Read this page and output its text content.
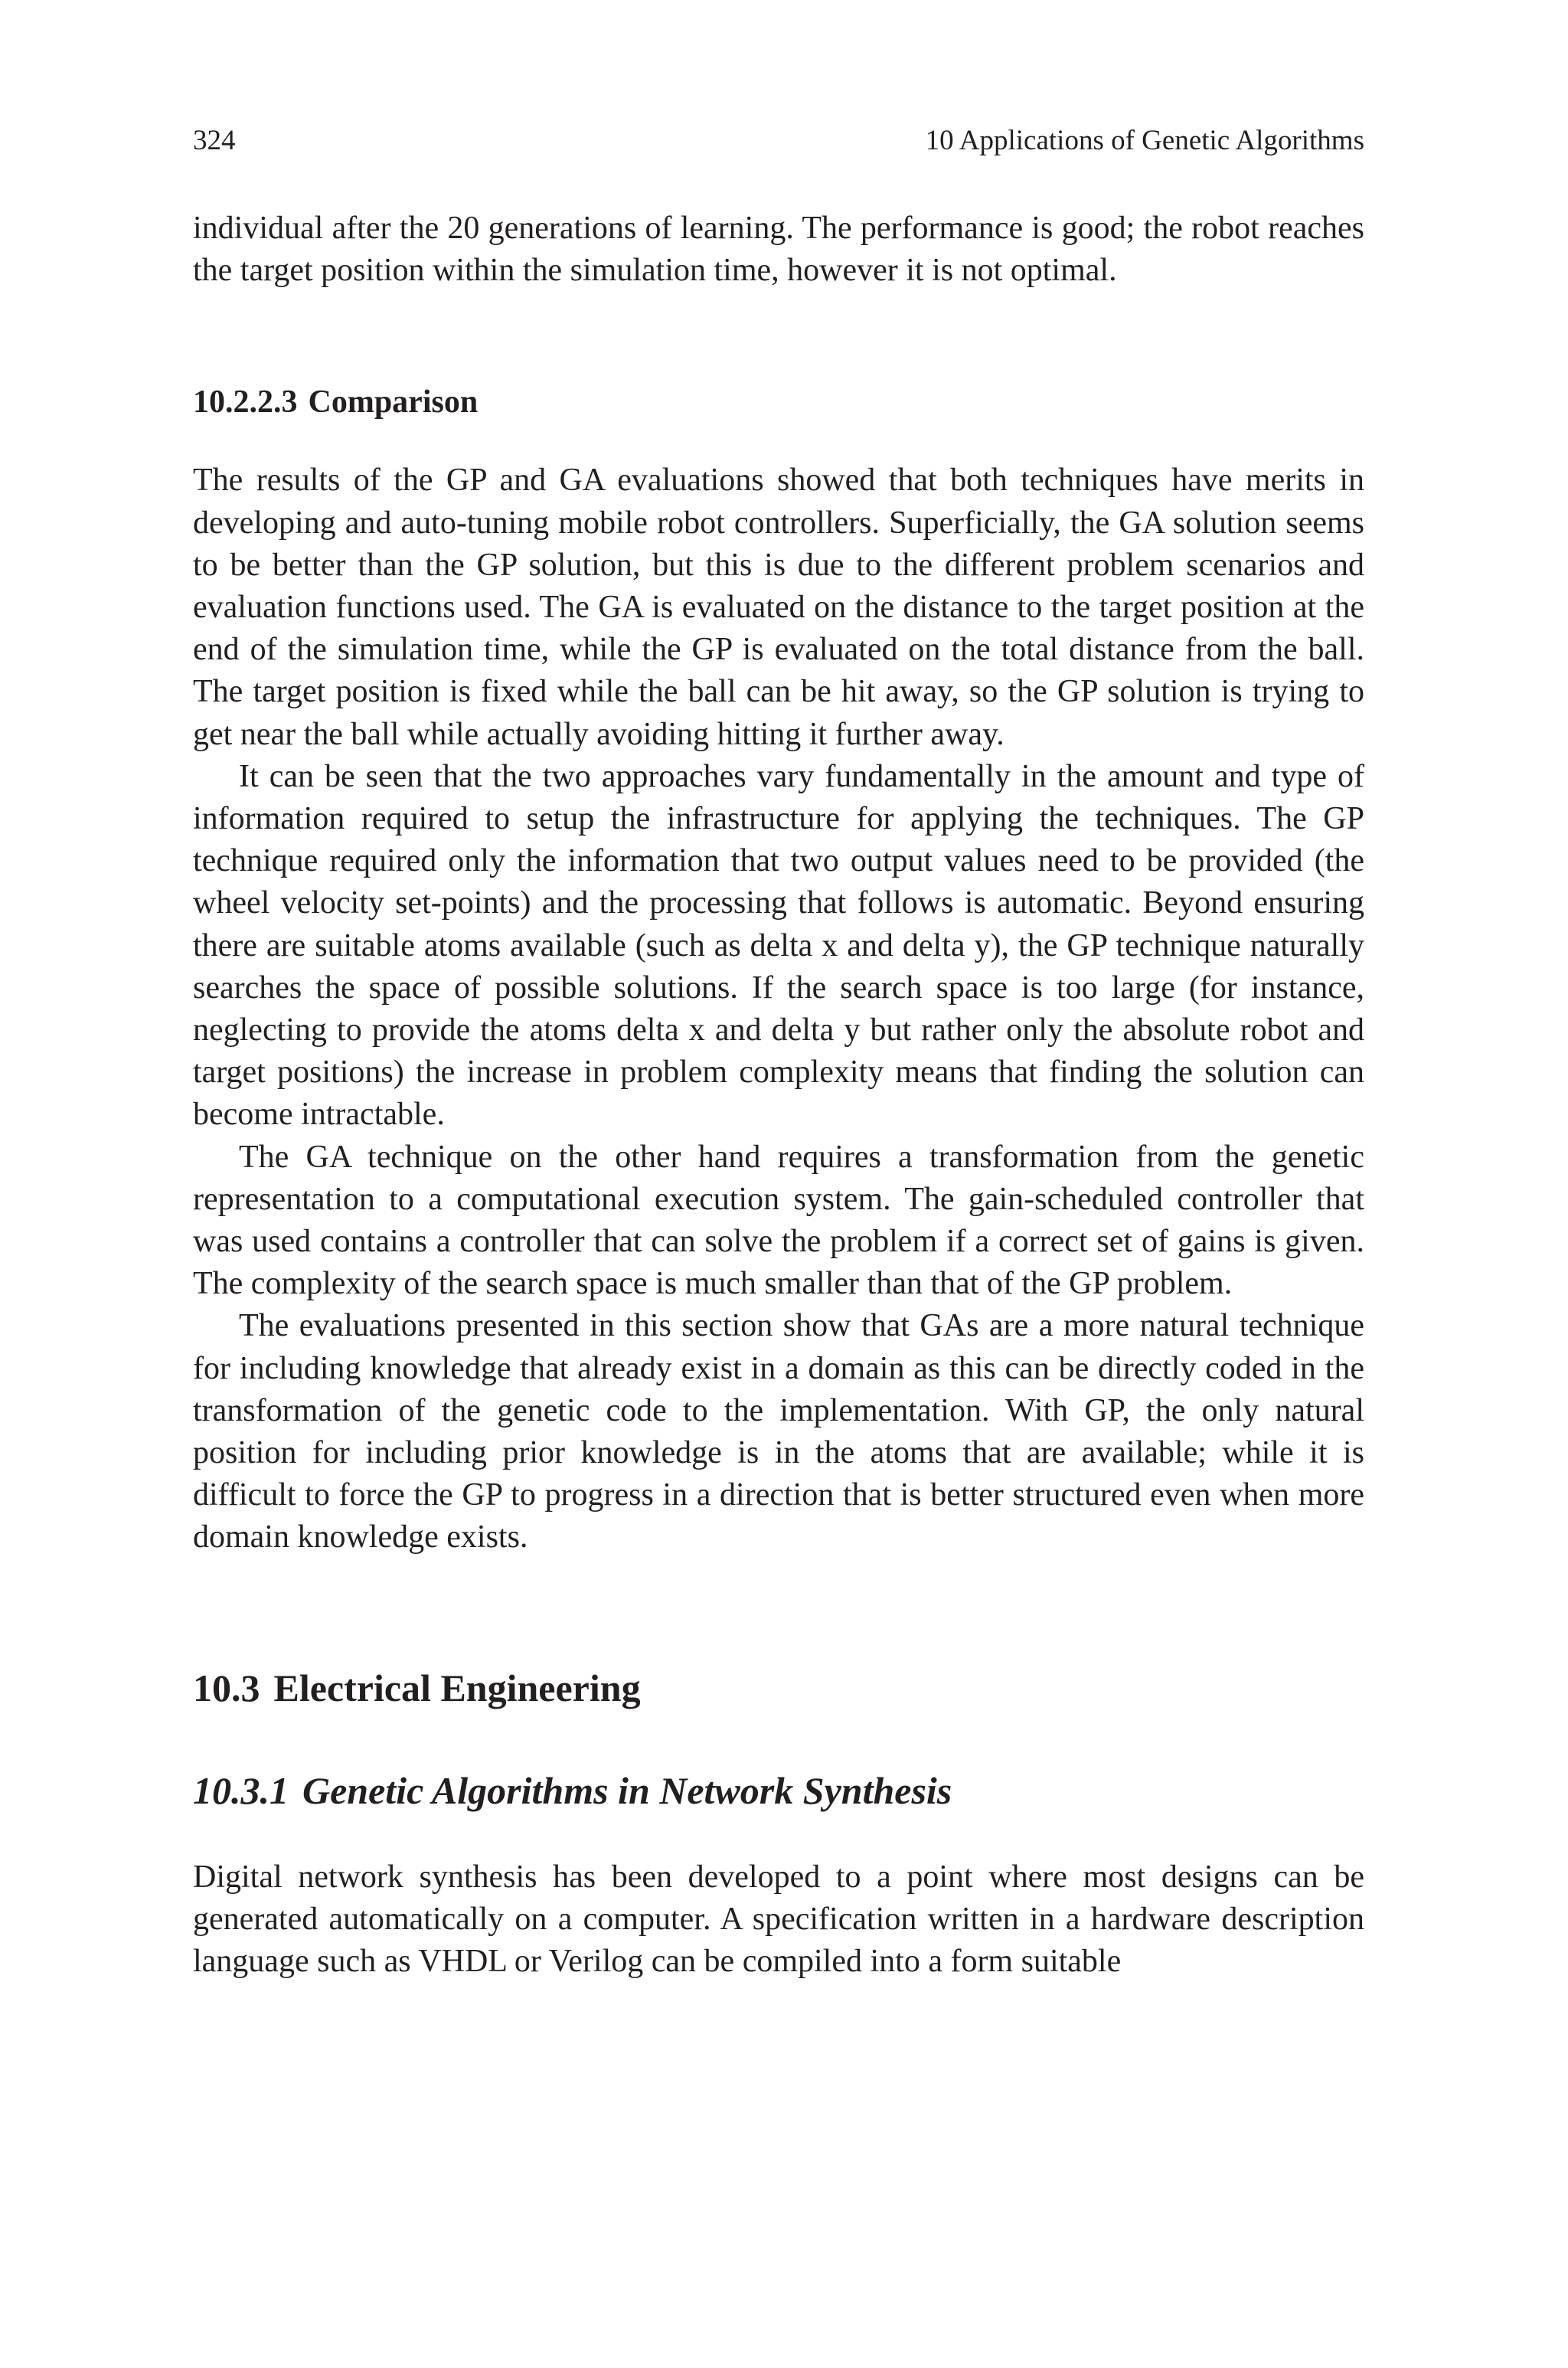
324	10 Applications of Genetic Algorithms

individual after the 20 generations of learning. The performance is good; the robot reaches the target position within the simulation time, however it is not optimal.

10.2.2.3 Comparison

The results of the GP and GA evaluations showed that both techniques have merits in developing and auto-tuning mobile robot controllers. Superficially, the GA solution seems to be better than the GP solution, but this is due to the different problem scenarios and evaluation functions used. The GA is evaluated on the distance to the target position at the end of the simulation time, while the GP is evaluated on the total distance from the ball. The target position is fixed while the ball can be hit away, so the GP solution is trying to get near the ball while actually avoiding hitting it further away.

It can be seen that the two approaches vary fundamentally in the amount and type of information required to setup the infrastructure for applying the techniques. The GP technique required only the information that two output values need to be provided (the wheel velocity set-points) and the processing that follows is automatic. Beyond ensuring there are suitable atoms available (such as delta x and delta y), the GP technique naturally searches the space of possible solutions. If the search space is too large (for instance, neglecting to provide the atoms delta x and delta y but rather only the absolute robot and target positions) the increase in problem complexity means that finding the solution can become intractable.

The GA technique on the other hand requires a transformation from the genetic representation to a computational execution system. The gain-scheduled controller that was used contains a controller that can solve the problem if a correct set of gains is given. The complexity of the search space is much smaller than that of the GP problem.

The evaluations presented in this section show that GAs are a more natural technique for including knowledge that already exist in a domain as this can be directly coded in the transformation of the genetic code to the implementation. With GP, the only natural position for including prior knowledge is in the atoms that are available; while it is difficult to force the GP to progress in a direction that is better structured even when more domain knowledge exists.

10.3 Electrical Engineering
10.3.1 Genetic Algorithms in Network Synthesis

Digital network synthesis has been developed to a point where most designs can be generated automatically on a computer. A specification written in a hardware description language such as VHDL or Verilog can be compiled into a form suitable
